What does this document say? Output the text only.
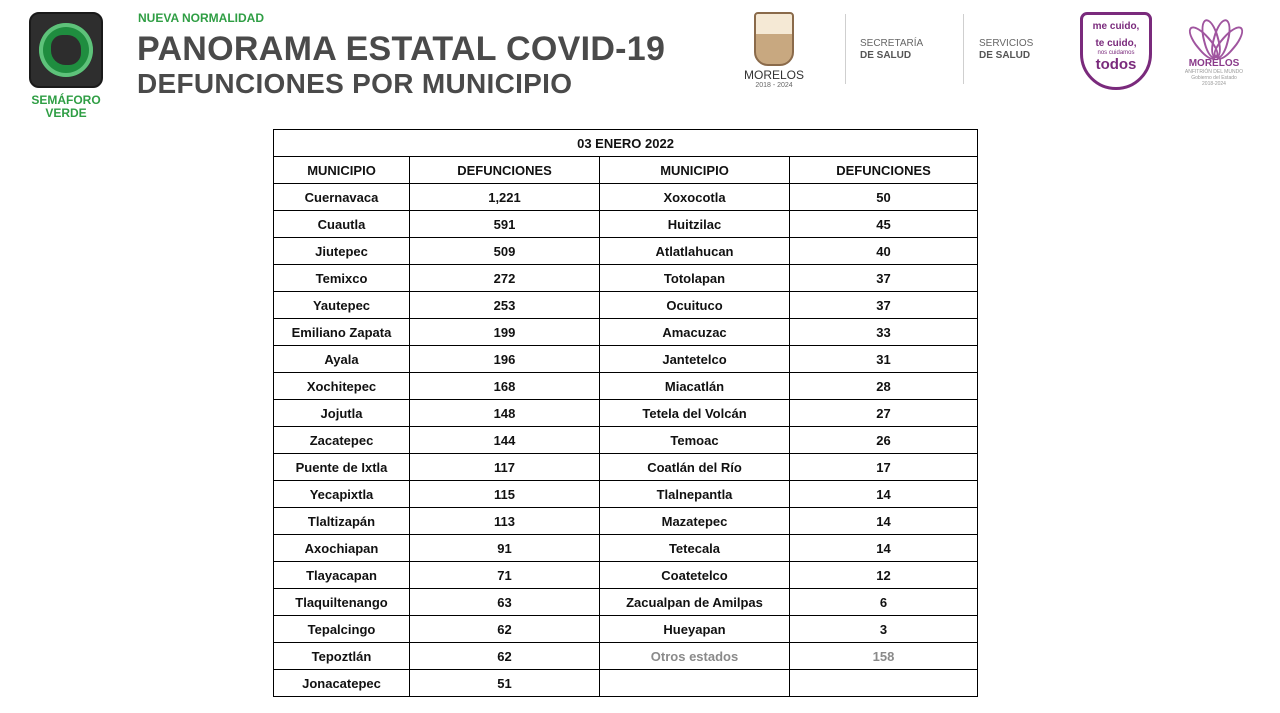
SEMÁFORO
VERDE
NUEVA NORMALIDAD
PANORAMA ESTATAL COVID-19
DEFUNCIONES POR MUNICIPIO	MORELOS
2018 - 2024
SECRETARÍA
DE SALUD
SERVICIOS
DE SALUD
me cuido,
te cuido,
nos cuidamos
todos	MORELOS
ANFITRIÓN DEL MUNDO
Gobierno del Estado
2018-2024
03 ENERO 2022			
MUNICIPIO	DEFUNCIONES	MUNICIPIO	DEFUNCIONES
Cuernavaca	1,221	Xoxocotla	50
Cuautla	591	Huitzilac	45
Jiutepec	509	Atlatlahucan	40
Temixco	272	Totolapan	37
Yautepec	253	Ocuituco	37
Emiliano Zapata	199	Amacuzac	33
Ayala	196	Jantetelco	31
Xochitepec	168	Miacatlán	28
Jojutla	148	Tetela del Volcán	27
Zacatepec	144	Temoac	26
Puente de Ixtla	117	Coatlán del Río	17
Yecapixtla	115	Tlalnepantla	14
Tlaltizapán	113	Mazatepec	14
Axochiapan	91	Tetecala	14
Tlayacapan	71	Coatetelco	12
Tlaquiltenango	63	Zacualpan de Amilpas	6
Tepalcingo	62	Hueyapan	3
Tepoztlán	62	Otros estados	158
Jonacatepec	51		
